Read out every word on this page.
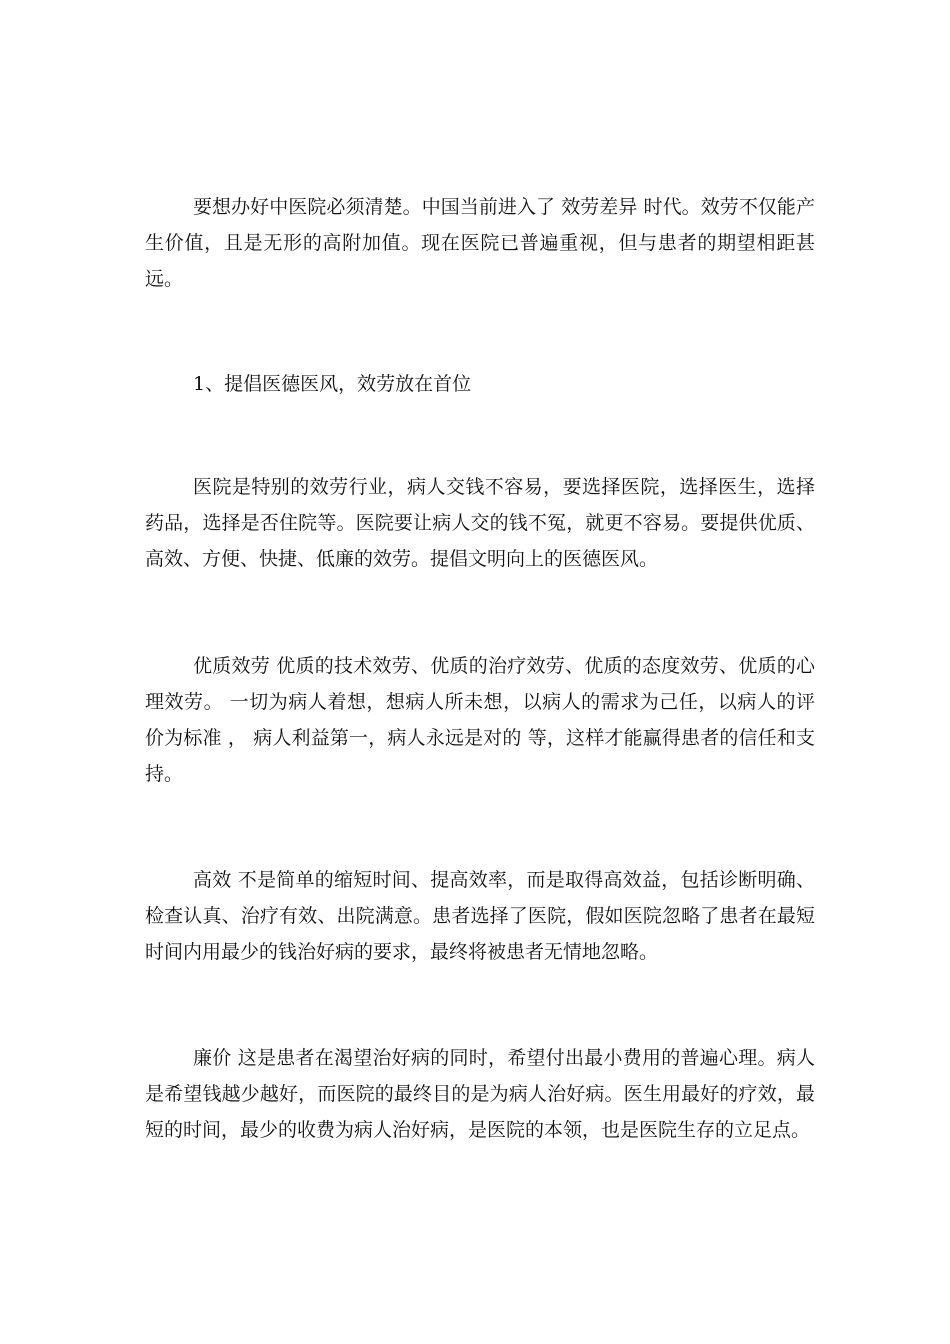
要想办好中医院必须清楚。中国当前进入了 效劳差异 时代。效劳不仅能产生价值，且是无形的高附加值。现在医院已普遍重视，但与患者的期望相距甚远。

1、提倡医德医风，效劳放在首位

医院是特别的效劳行业，病人交钱不容易，要选择医院，选择医生，选择药品，选择是否住院等。医院要让病人交的钱不冤，就更不容易。要提供优质、高效、方便、快捷、低廉的效劳。提倡文明向上的医德医风。

优质效劳 优质的技术效劳、优质的治疗效劳、优质的态度效劳、优质的心理效劳。 一切为病人着想，想病人所未想，以病人的需求为己任，以病人的评价为标准 ， 病人利益第一，病人永远是对的 等，这样才能赢得患者的信任和支持。

高效 不是简单的缩短时间、提高效率，而是取得高效益，包括诊断明确、检查认真、治疗有效、出院满意。患者选择了医院，假如医院忽略了患者在最短时间内用最少的钱治好病的要求，最终将被患者无情地忽略。

廉价 这是患者在渴望治好病的同时，希望付出最小费用的普遍心理。病人是希望钱越少越好，而医院的最终目的是为病人治好病。医生用最好的疗效，最短的时间，最少的收费为病人治好病，是医院的本领，也是医院生存的立足点。
